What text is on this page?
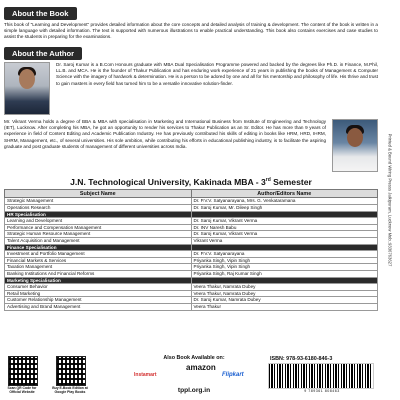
About the Book

This book of "Learning and Development" provides detailed information about the core concepts and detailed analysis of training & development. The content of the book is written in a simple language with detailed information. The text is supported with numerous illustrations to enable practical understanding. This book also contains exercises and case studies to assist the students in preparing for the examinations.

About the Author

Dr. Saroj Kumar is a B.Com Honours graduate with MBA Dual Specialisation Programme powered and backed by the degrees like Ph.D. in Finance, M.Phil, LL.B. and MCA. He is the founder of Thakur Publication and has enduring work experience of 21 years in publishing the books of Management & Computer Science with the imagery of hardwork & determination. He is a person to be adored by one and all for his mentorship and philosophy of life. His thrive and trust to gain masters in every field has turned him to be a versatile innovative solution-finder.

Mr. Vikrant Verma holds a degree of BBA & MBA with specialisation in Marketing and International Business from Institute of Engineering and Technology (IET), Lucknow. After completing his MBA, he got an opportunity to render his services to Thakur Publication as an Sr. Editor. He has more than 9 years of experience in field of Content Editing and Academic Publication Industry. He has previously contributed his skills of editing in books like HRM, HRD, IHRM, SHRM, Management, etc., of several universities. His sole ambition, while contributing his efforts in educational publishing industry, is to facilitate the aspiring graduate and post graduate students of management of different universities across India.

J.N. Technological University, Kakinada MBA - 3rd Semester
Subject Name	Author/Editors Name
Strategic Management	Dr. P.V.V. Satyanarayana, Mrs. G. Venkataramana
Operations Research	Dr. Saroj Kumar, Mr. Dileep Singh
HR Specialisation	
Learning and Development	Dr. Saroj Kumar, Vikrant Verma
Performance and Compensation Management	Dr. INV Naresh Babu
Strategic Human Resource Management	Dr. Saroj Kumar, Vikrant Verma
Talent Acquisition and Management	Vikrant Verma
Finance Specialisation	
Investment and Portfolio Management	Dr. P.V.V. Satyanarayana
Financial Markets & Services	Priyanka Singh, Vipin Singh
Taxation Management	Priyanka Singh, Vipin Singh
Banking Institutions And Financial Reforms	Priyanka Singh, Raj Kumar Singh
Marketing Specialisation	
Consumer Behavior	Veera Thakur, Namrata Dubey
Retail Marketing	Veera Thakur, Namrata Dubey
Customer Relationship Management	Dr. Saroj Kumar, Namrata Dubey
Advertising and Brand Management	Veera Thakur
Scan QR Code for Official Website
Buy E-Book Edition at Google Play Books
Also Book Available on:
amazon
Instamart	Flipkart
tppl.org.in
ISBN: 978-93-6180-846-3
9 789361 808463
Printed & Bound Wiring Presss Jaikipuram, Lucknow Mob.:9336763627
